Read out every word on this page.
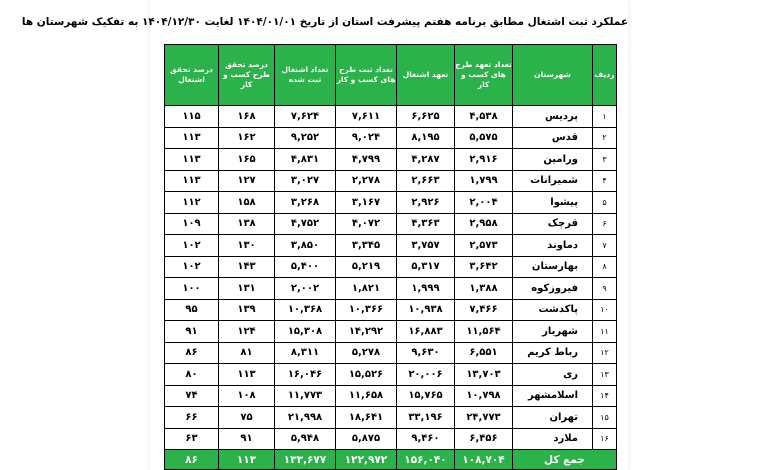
عملکرد ثبت اشتغال مطابق برنامه هفتم پیشرفت استان از تاریخ ۱۴۰۴/۰۱/۰۱ لغایت ۱۴۰۴/۱۲/۳۰ به تفکیک شهرستان ها
ردیف	شهرستان	تعداد تعهد طرح های کسب و کار	تعهد اشتغال	تعداد ثبت طرح های کسب و کار	تعداد اشتغال ثبت شده	درصد تحقق طرح کسب و کار	درصد تحقق اشتغال
۱	پردیس	۴,۵۳۸	۶,۶۲۵	۷,۶۱۱	۷,۶۲۴	۱۶۸	۱۱۵
۲	قدس	۵,۵۷۵	۸,۱۹۵	۹,۰۲۴	۹,۲۵۲	۱۶۲	۱۱۳
۳	ورامین	۲,۹۱۶	۴,۲۸۷	۴,۷۹۹	۴,۸۳۱	۱۶۵	۱۱۳
۴	شمیرانات	۱,۷۹۹	۲,۶۶۳	۲,۲۷۸	۳,۰۲۷	۱۲۷	۱۱۳
۵	پیشوا	۲,۰۰۴	۲,۹۲۶	۳,۱۶۷	۳,۲۶۸	۱۵۸	۱۱۲
۶	قرچک	۲,۹۵۸	۴,۳۶۳	۴,۰۷۲	۴,۷۵۲	۱۳۸	۱۰۹
۷	دماوند	۲,۵۷۳	۳,۷۵۷	۳,۳۴۵	۳,۸۵۰	۱۳۰	۱۰۲
۸	بهارستان	۳,۶۴۲	۵,۳۱۷	۵,۲۱۹	۵,۴۰۰	۱۴۳	۱۰۲
۹	فیروزکوه	۱,۳۸۸	۱,۹۹۹	۱,۸۲۱	۲,۰۰۲	۱۳۱	۱۰۰
۱۰	پاکدشت	۷,۴۶۶	۱۰,۹۳۸	۱۰,۳۶۶	۱۰,۳۶۸	۱۳۹	۹۵
۱۱	شهریار	۱۱,۵۶۴	۱۶,۸۸۳	۱۴,۲۹۲	۱۵,۳۰۸	۱۲۴	۹۱
۱۲	رباط کریم	۶,۵۵۱	۹,۶۳۰	۵,۲۷۸	۸,۳۱۱	۸۱	۸۶
۱۳	ری	۱۳,۷۰۳	۲۰,۰۰۶	۱۵,۵۲۶	۱۶,۰۴۶	۱۱۳	۸۰
۱۴	اسلامشهر	۱۰,۷۹۸	۱۵,۷۶۵	۱۱,۶۵۸	۱۱,۷۷۳	۱۰۸	۷۴
۱۵	تهران	۲۴,۷۷۳	۳۳,۱۹۶	۱۸,۶۴۱	۲۱,۹۹۸	۷۵	۶۶
۱۶	ملارد	۶,۴۵۶	۹,۴۶۰	۵,۸۷۵	۵,۹۴۸	۹۱	۶۳
جمع کل		۱۰۸,۷۰۴	۱۵۶,۰۴۰	۱۲۲,۹۷۲	۱۳۳,۶۷۷	۱۱۳	۸۶
